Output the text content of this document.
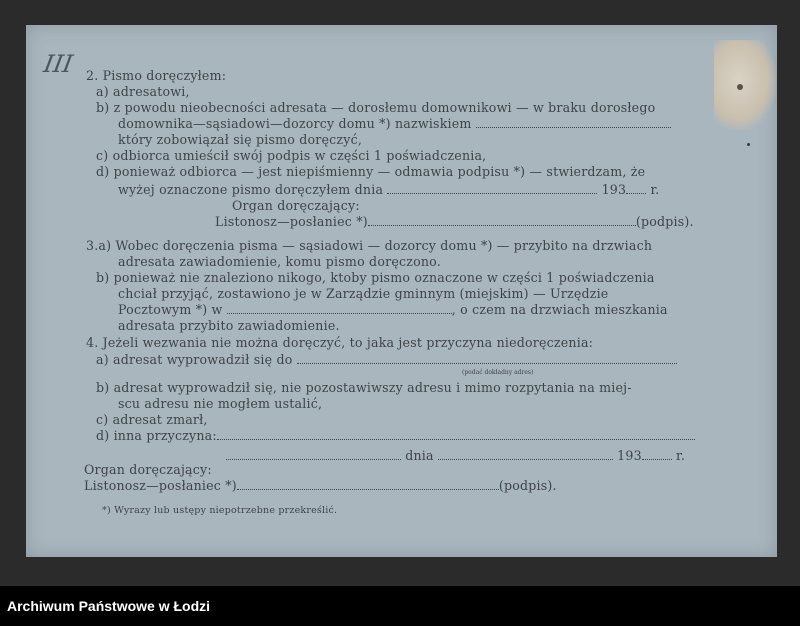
III 2. Pismo doręczyłem:
a) adresatowi,
b) z powodu nieobecności adresata — dorosłemu domownikowi — w braku dorosłego
domownika—sąsiadowi—dozorcy domu *) nazwiskiem
który zobowiązał się pismo doręczyć,
c) odbiorca umieścił swój podpis w części 1 poświadczenia,
d) ponieważ odbiorca — jest niepiśmienny — odmawia podpisu *) — stwierdzam, że
wyżej oznaczone pismo doręczyłem dnia	193 r.
Organ doręczający:
Listonosz—posłaniec *)	(podpis).
3.a) Wobec doręczenia pisma — sąsiadowi — dozorcy domu *) — przybito na drzwiach
adresata zawiadomienie, komu pismo doręczono.
b) ponieważ nie znaleziono nikogo, ktoby pismo oznaczone w części 1 poświadczenia
chciał przyjąć, zostawiono je w Zarządzie gminnym (miejskim) — Urzędzie
Pocztowym *) w	, o czem na drzwiach mieszkania
adresata przybito zawiadomienie.
4. Jeżeli wezwania nie można doręczyć, to jaka jest przyczyna niedoręczenia:
a) adresat wyprowadził się do
(podać dokładny adres)
b) adresat wyprowadził się, nie pozostawiwszy adresu i mimo rozpytania na miej-
scu adresu nie mogłem ustalić,
c) adresat zmarł,
d) inna przyczyna:
dnia	193	r.
Organ doręczający:
Listonosz—posłaniec *)	(podpis).
*) Wyrazy lub ustępy niepotrzebne przekreślić.
Archiwum Państwowe w Łodzi
